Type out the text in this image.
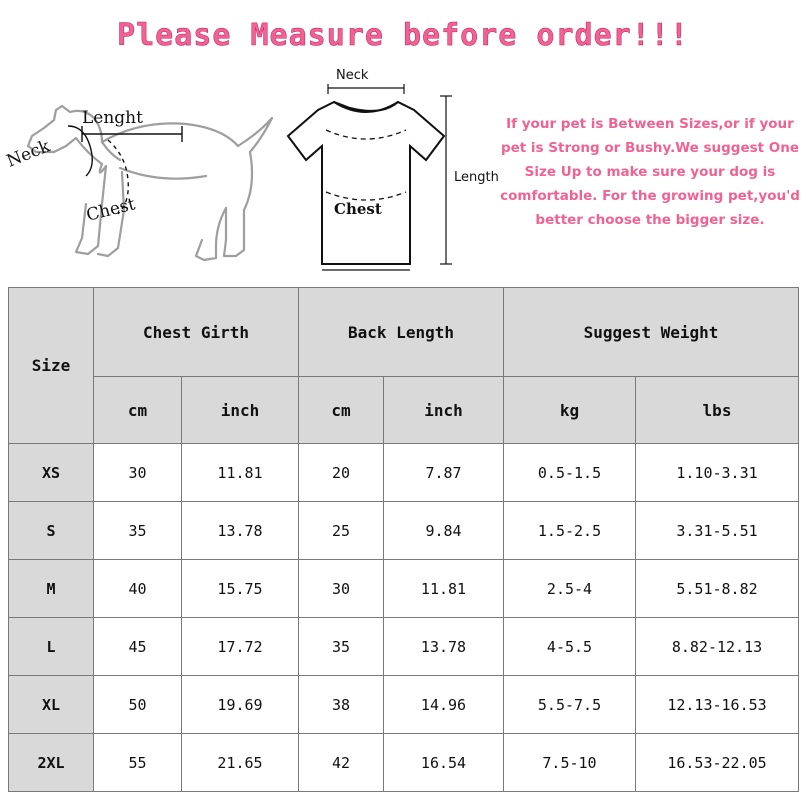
Please Measure before order!!!
Neck
Lenght
Chest
Neck
Length
Chest
If your pet is Between Sizes,or if your pet is Strong or Bushy.We suggest One Size Up to make sure your dog is comfortable. For the growing pet,you'd better choose the bigger size.
Size	Chest Girth		Back Length		Suggest Weight	
	cm	inch	cm	inch	kg	lbs
XS	30	11.81	20	7.87	0.5-1.5	1.10-3.31
S	35	13.78	25	9.84	1.5-2.5	3.31-5.51
M	40	15.75	30	11.81	2.5-4	5.51-8.82
L	45	17.72	35	13.78	4-5.5	8.82-12.13
XL	50	19.69	38	14.96	5.5-7.5	12.13-16.53
2XL	55	21.65	42	16.54	7.5-10	16.53-22.05
